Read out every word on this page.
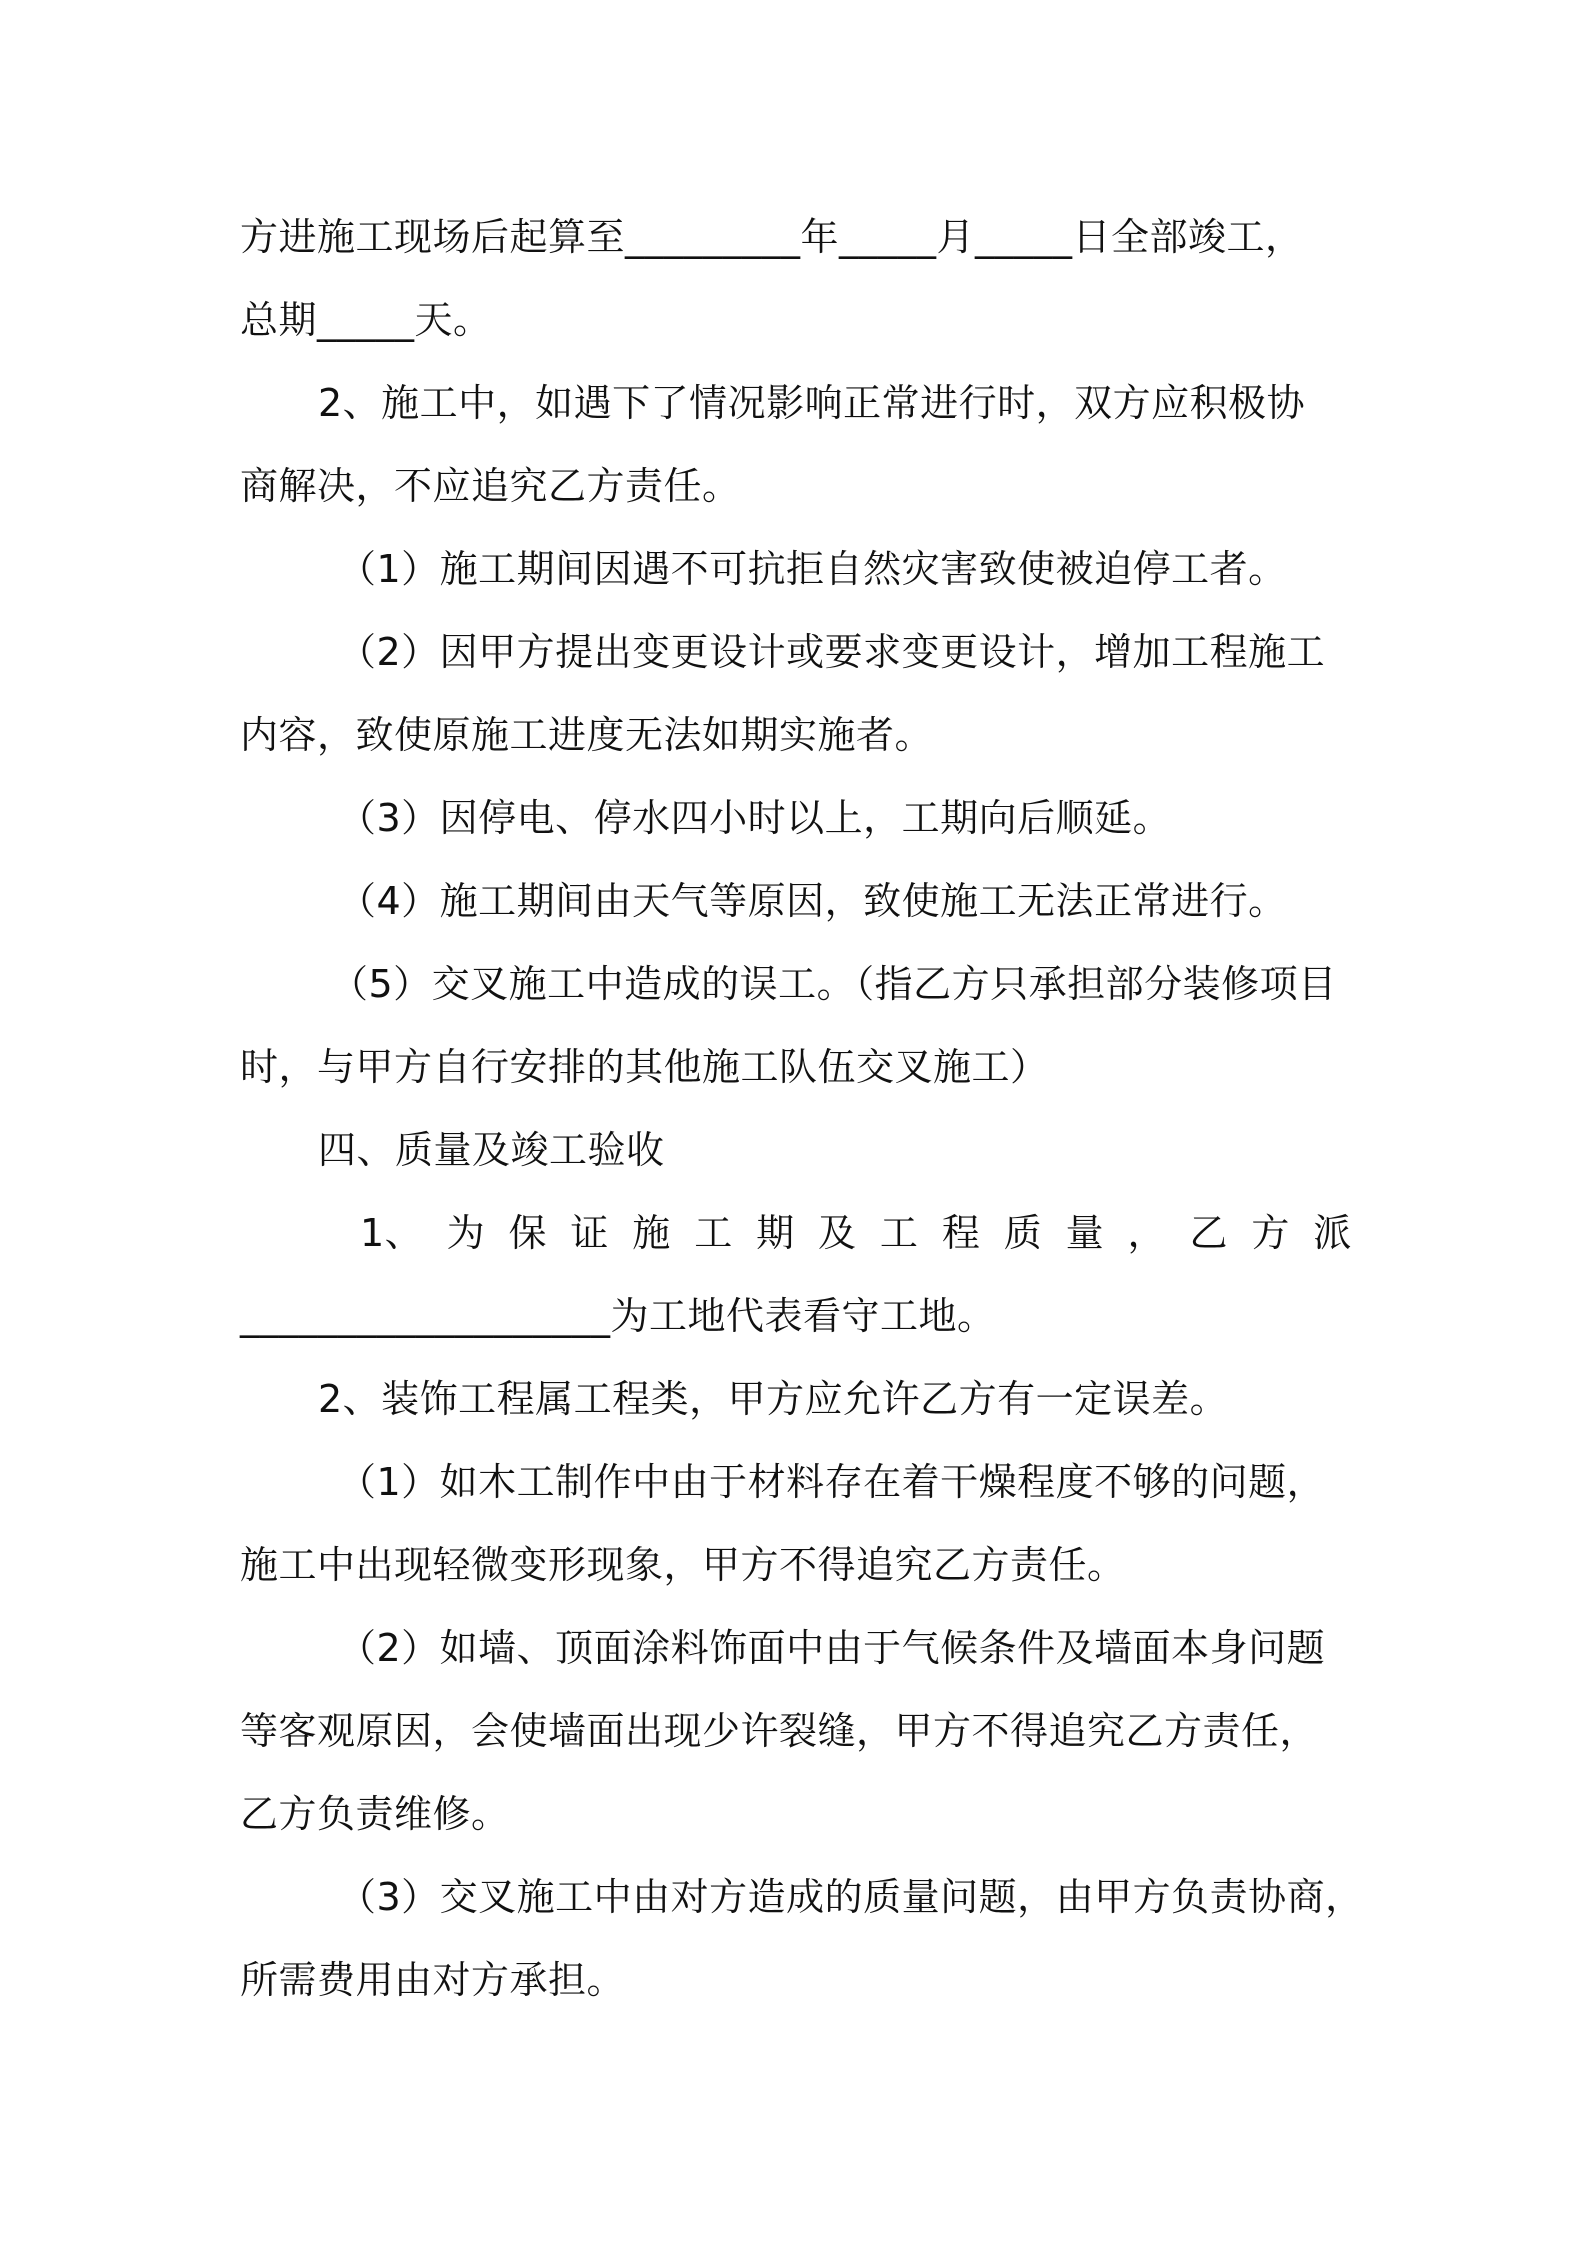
方进施工现场后起算至_________年_____月_____日全部竣工，

总期_____天。

2、施工中，如遇下了情况影响正常进行时，双方应积极协

商解决，不应追究乙方责任。

（1）施工期间因遇不可抗拒自然灾害致使被迫停工者。

（2）因甲方提出变更设计或要求变更设计，增加工程施工

内容，致使原施工进度无法如期实施者。

（3）因停电、停水四小时以上，工期向后顺延。

（4）施工期间由天气等原因，致使施工无法正常进行。

（5）交叉施工中造成的误工。（指乙方只承担部分装修项目

时，与甲方自行安排的其他施工队伍交叉施工）

四、质量及竣工验收

1、 为 保 证 施 工 期 及 工 程 质 量 ， 乙 方 派

___________________为工地代表看守工地。

2、装饰工程属工程类，甲方应允许乙方有一定误差。

（1）如木工制作中由于材料存在着干燥程度不够的问题，

施工中出现轻微变形现象，甲方不得追究乙方责任。

（2）如墙、顶面涂料饰面中由于气候条件及墙面本身问题

等客观原因，会使墙面出现少许裂缝，甲方不得追究乙方责任，

乙方负责维修。

（3）交叉施工中由对方造成的质量问题，由甲方负责协商，

所需费用由对方承担。
